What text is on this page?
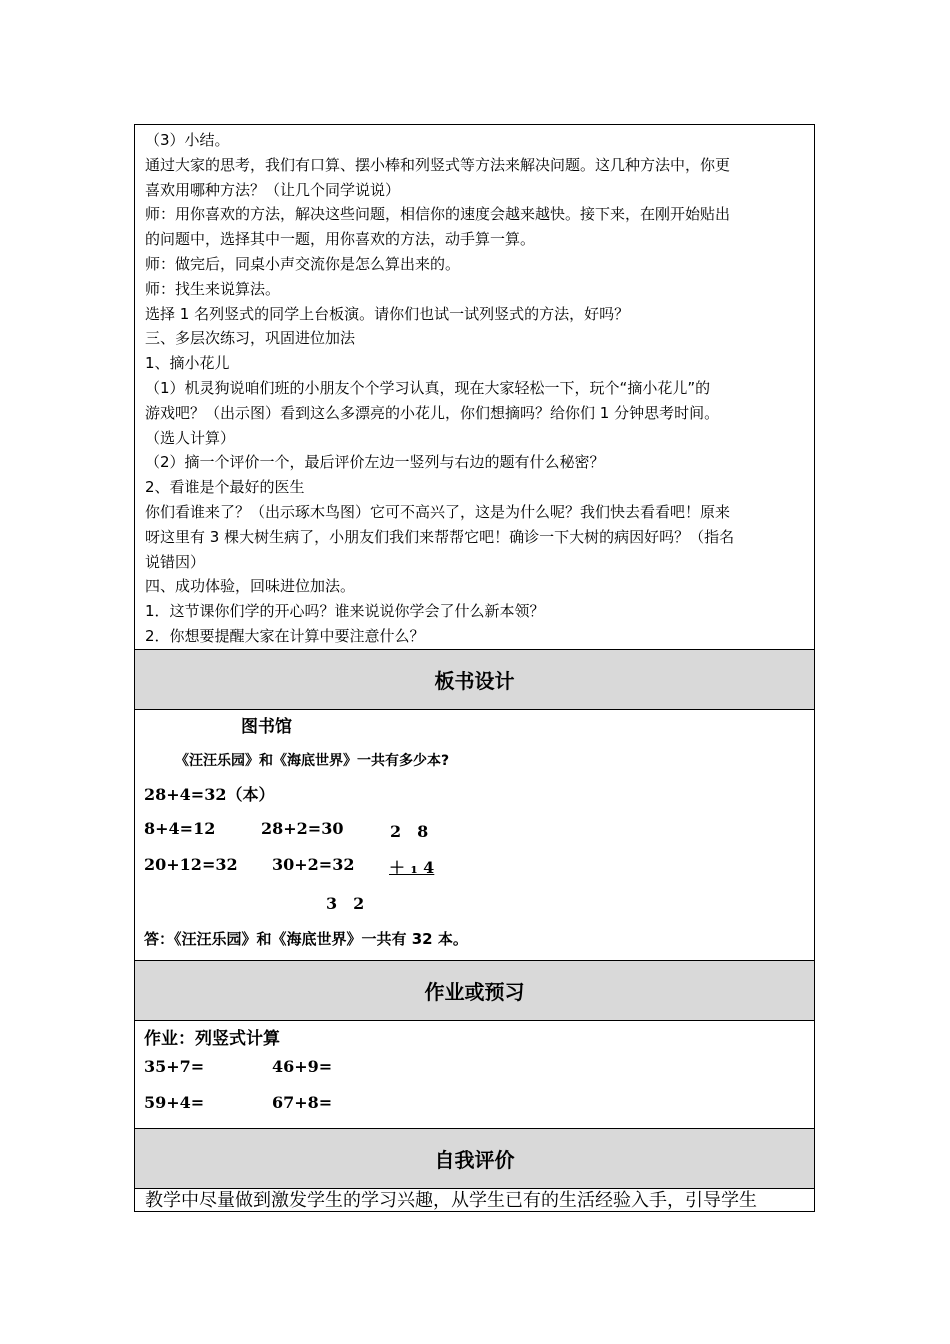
（3）小结。

通过大家的思考，我们有口算、摆小棒和列竖式等方法来解决问题。这几种方法中，你更

喜欢用哪种方法？（让几个同学说说）

师：用你喜欢的方法，解决这些问题，相信你的速度会越来越快。接下来，在刚开始贴出

的问题中，选择其中一题，用你喜欢的方法，动手算一算。

师：做完后，同桌小声交流你是怎么算出来的。

师：找生来说算法。

选择 1 名列竖式的同学上台板演。请你们也试一试列竖式的方法，好吗？

三、多层次练习，巩固进位加法

1、摘小花儿

（1）机灵狗说咱们班的小朋友个个学习认真，现在大家轻松一下，玩个“摘小花儿”的

游戏吧？（出示图）看到这么多漂亮的小花儿，你们想摘吗？给你们 1 分钟思考时间。

（选人计算）

（2）摘一个评价一个，最后评价左边一竖列与右边的题有什么秘密？

2、看谁是个最好的医生

你们看谁来了？（出示琢木鸟图）它可不高兴了，这是为什么呢？我们快去看看吧！原来

呀这里有 3 棵大树生病了，小朋友们我们来帮帮它吧！确诊一下大树的病因好吗？（指名

说错因）

四、成功体验，回味进位加法。

1．这节课你们学的开心吗？谁来说说你学会了什么新本领？

2．你想要提醒大家在计算中要注意什么？

板书设计
图书馆
《汪汪乐园》和《海底世界》一共有多少本?
28+4=32（本）
8+4=12	28+2=30	2　8
20+12=32 30+2=32 ＋ ₁ 4
3　2
答：《汪汪乐园》和《海底世界》一共有 32 本。
作业或预习
作业：列竖式计算
35+7=	46+9=
59+4=	67+8=
自我评价

教学中尽量做到激发学生的学习兴趣，从学生已有的生活经验入手，引导学生
